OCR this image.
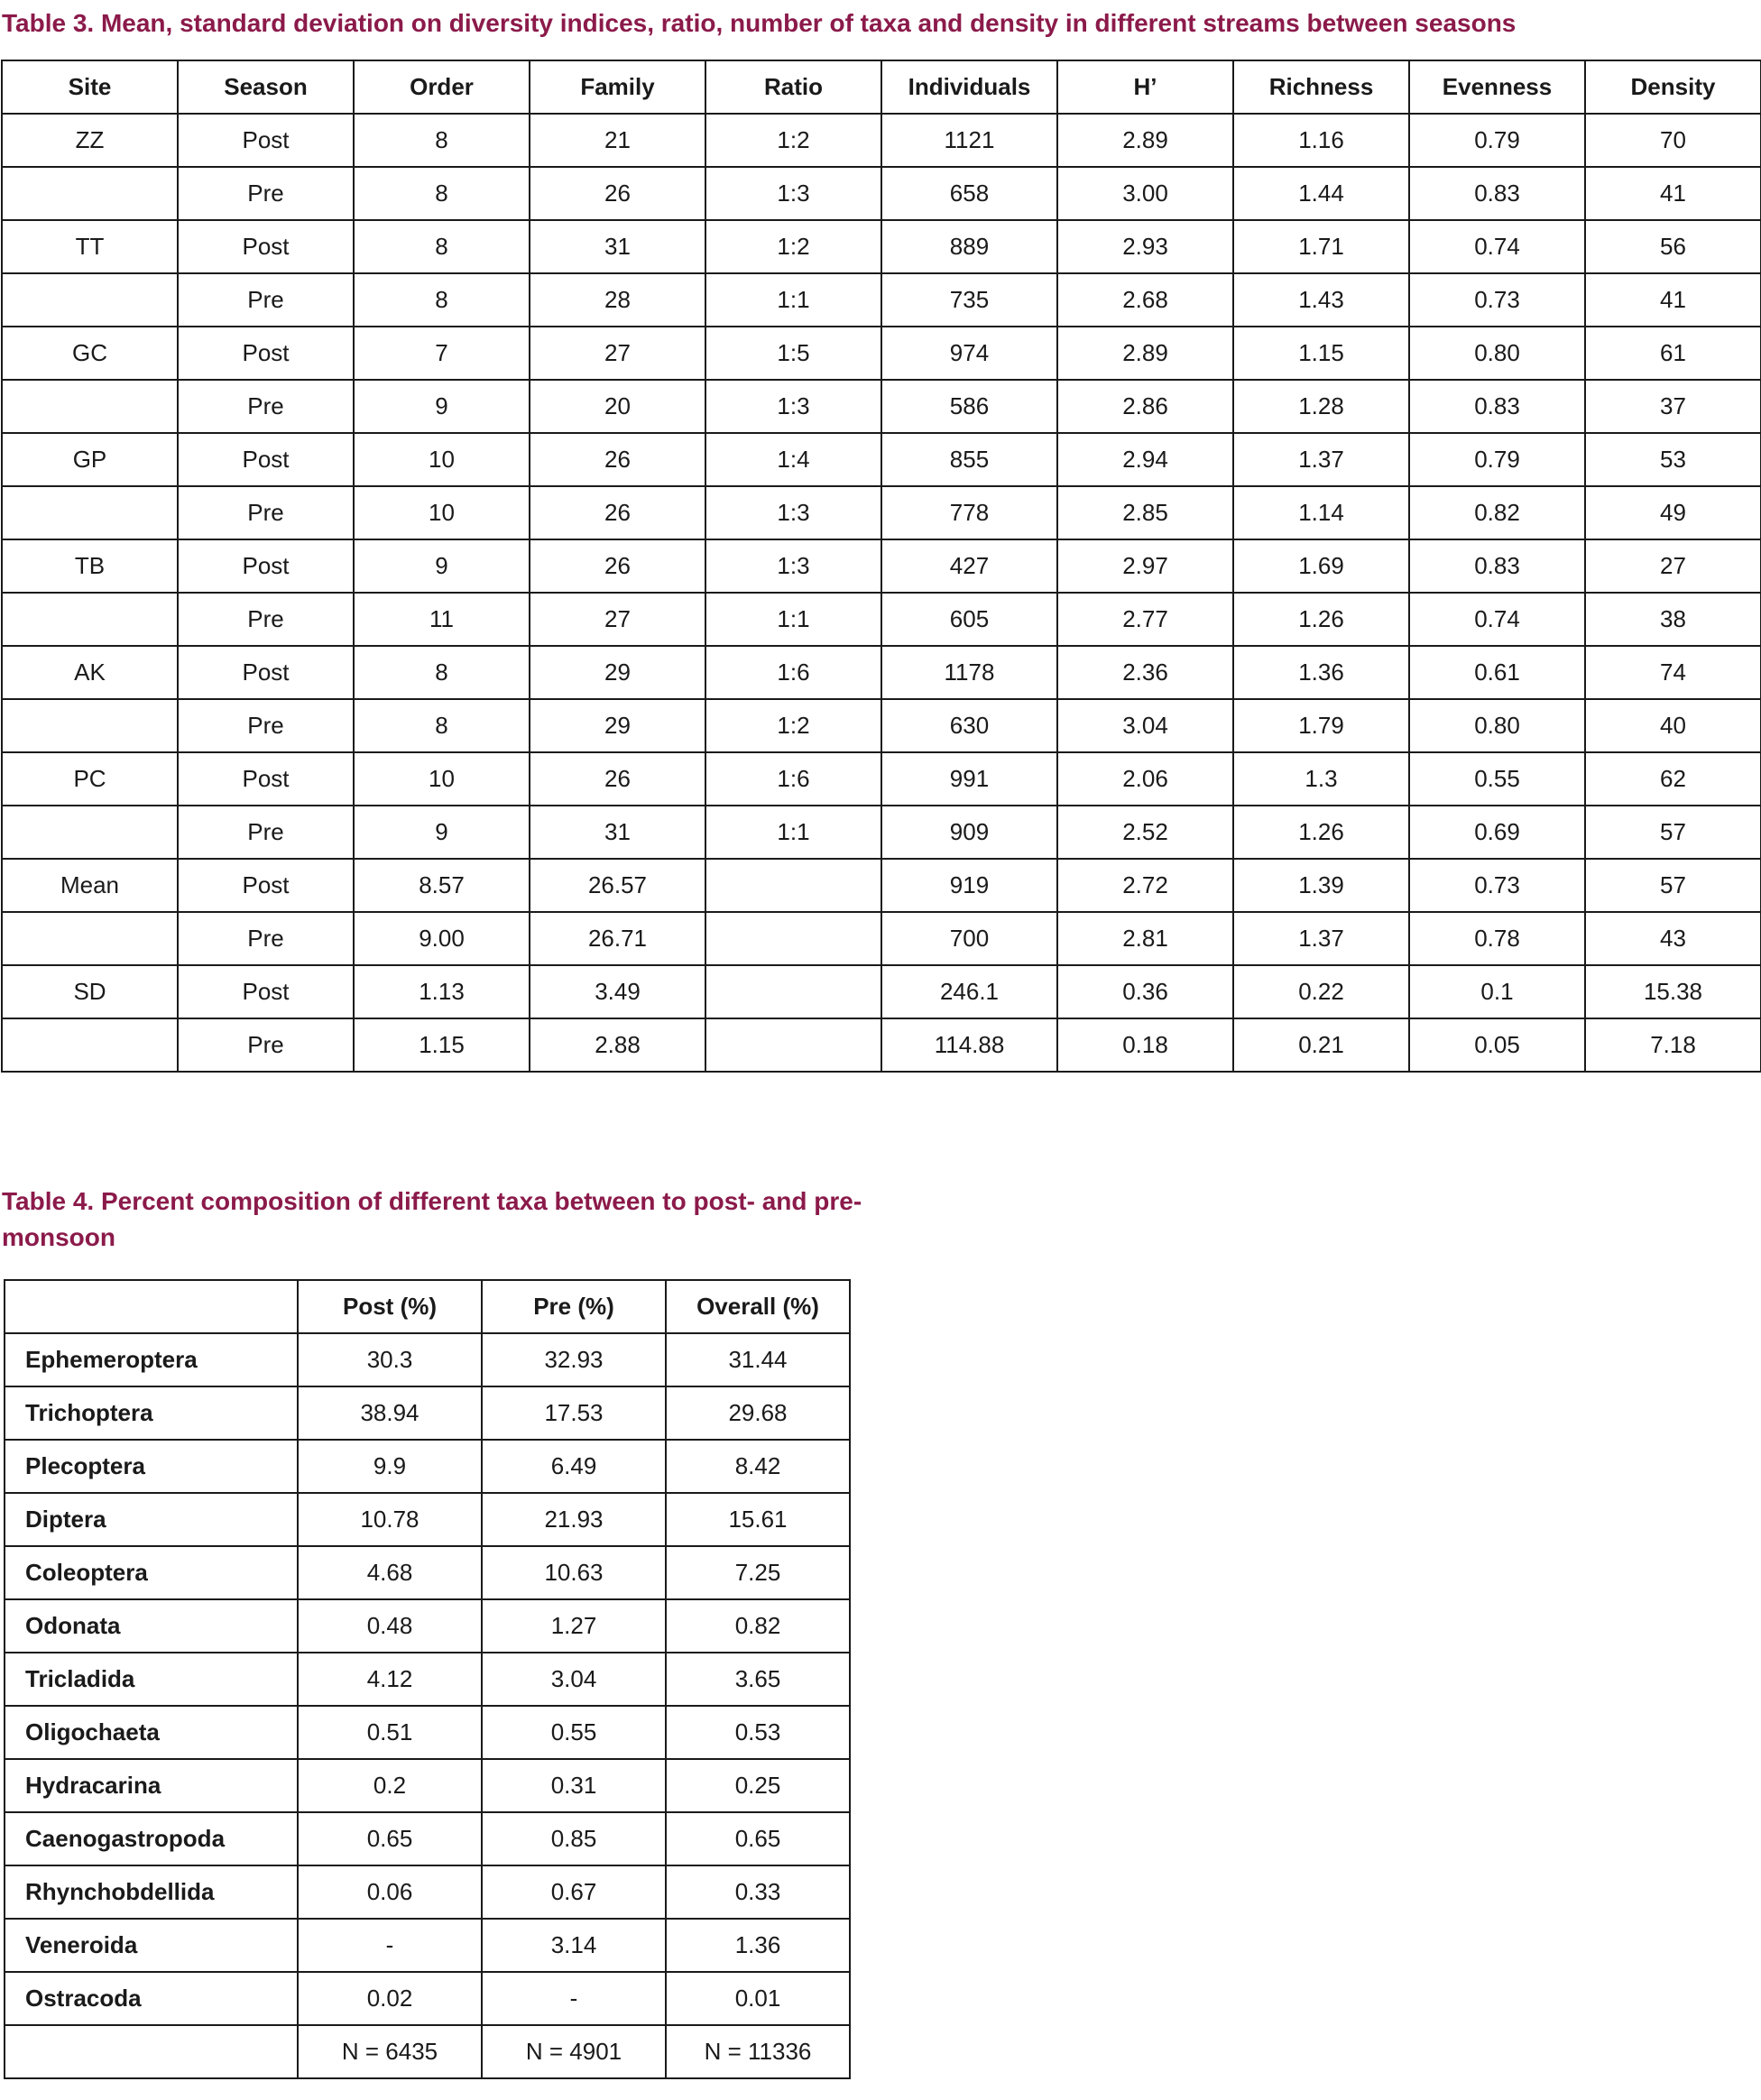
Table 3. Mean, standard deviation on diversity indices, ratio, number of taxa and density in different streams between seasons

Site	Season	Order	Family	Ratio	Individuals	H’	Richness	Evenness	Density
ZZ	Post	8	21	1:2	1121	2.89	1.16	0.79	70
	Pre	8	26	1:3	658	3.00	1.44	0.83	41
TT	Post	8	31	1:2	889	2.93	1.71	0.74	56
	Pre	8	28	1:1	735	2.68	1.43	0.73	41
GC	Post	7	27	1:5	974	2.89	1.15	0.80	61
	Pre	9	20	1:3	586	2.86	1.28	0.83	37
GP	Post	10	26	1:4	855	2.94	1.37	0.79	53
	Pre	10	26	1:3	778	2.85	1.14	0.82	49
TB	Post	9	26	1:3	427	2.97	1.69	0.83	27
	Pre	11	27	1:1	605	2.77	1.26	0.74	38
AK	Post	8	29	1:6	1178	2.36	1.36	0.61	74
	Pre	8	29	1:2	630	3.04	1.79	0.80	40
PC	Post	10	26	1:6	991	2.06	1.3	0.55	62
	Pre	9	31	1:1	909	2.52	1.26	0.69	57
Mean	Post	8.57	26.57		919	2.72	1.39	0.73	57
	Pre	9.00	26.71		700	2.81	1.37	0.78	43
SD	Post	1.13	3.49		246.1	0.36	0.22	0.1	15.38
	Pre	1.15	2.88		114.88	0.18	0.21	0.05	7.18

Table 4. Percent composition of different taxa between to post- and pre-monsoon

	Post (%)	Pre (%)	Overall (%)
Ephemeroptera	30.3	32.93	31.44
Trichoptera	38.94	17.53	29.68
Plecoptera	9.9	6.49	8.42
Diptera	10.78	21.93	15.61
Coleoptera	4.68	10.63	7.25
Odonata	0.48	1.27	0.82
Tricladida	4.12	3.04	3.65
Oligochaeta	0.51	0.55	0.53
Hydracarina	0.2	0.31	0.25
Caenogastropoda	0.65	0.85	0.65
Rhynchobdellida	0.06	0.67	0.33
Veneroida	-	3.14	1.36
Ostracoda	0.02	-	0.01
	N = 6435	N = 4901	N = 11336
